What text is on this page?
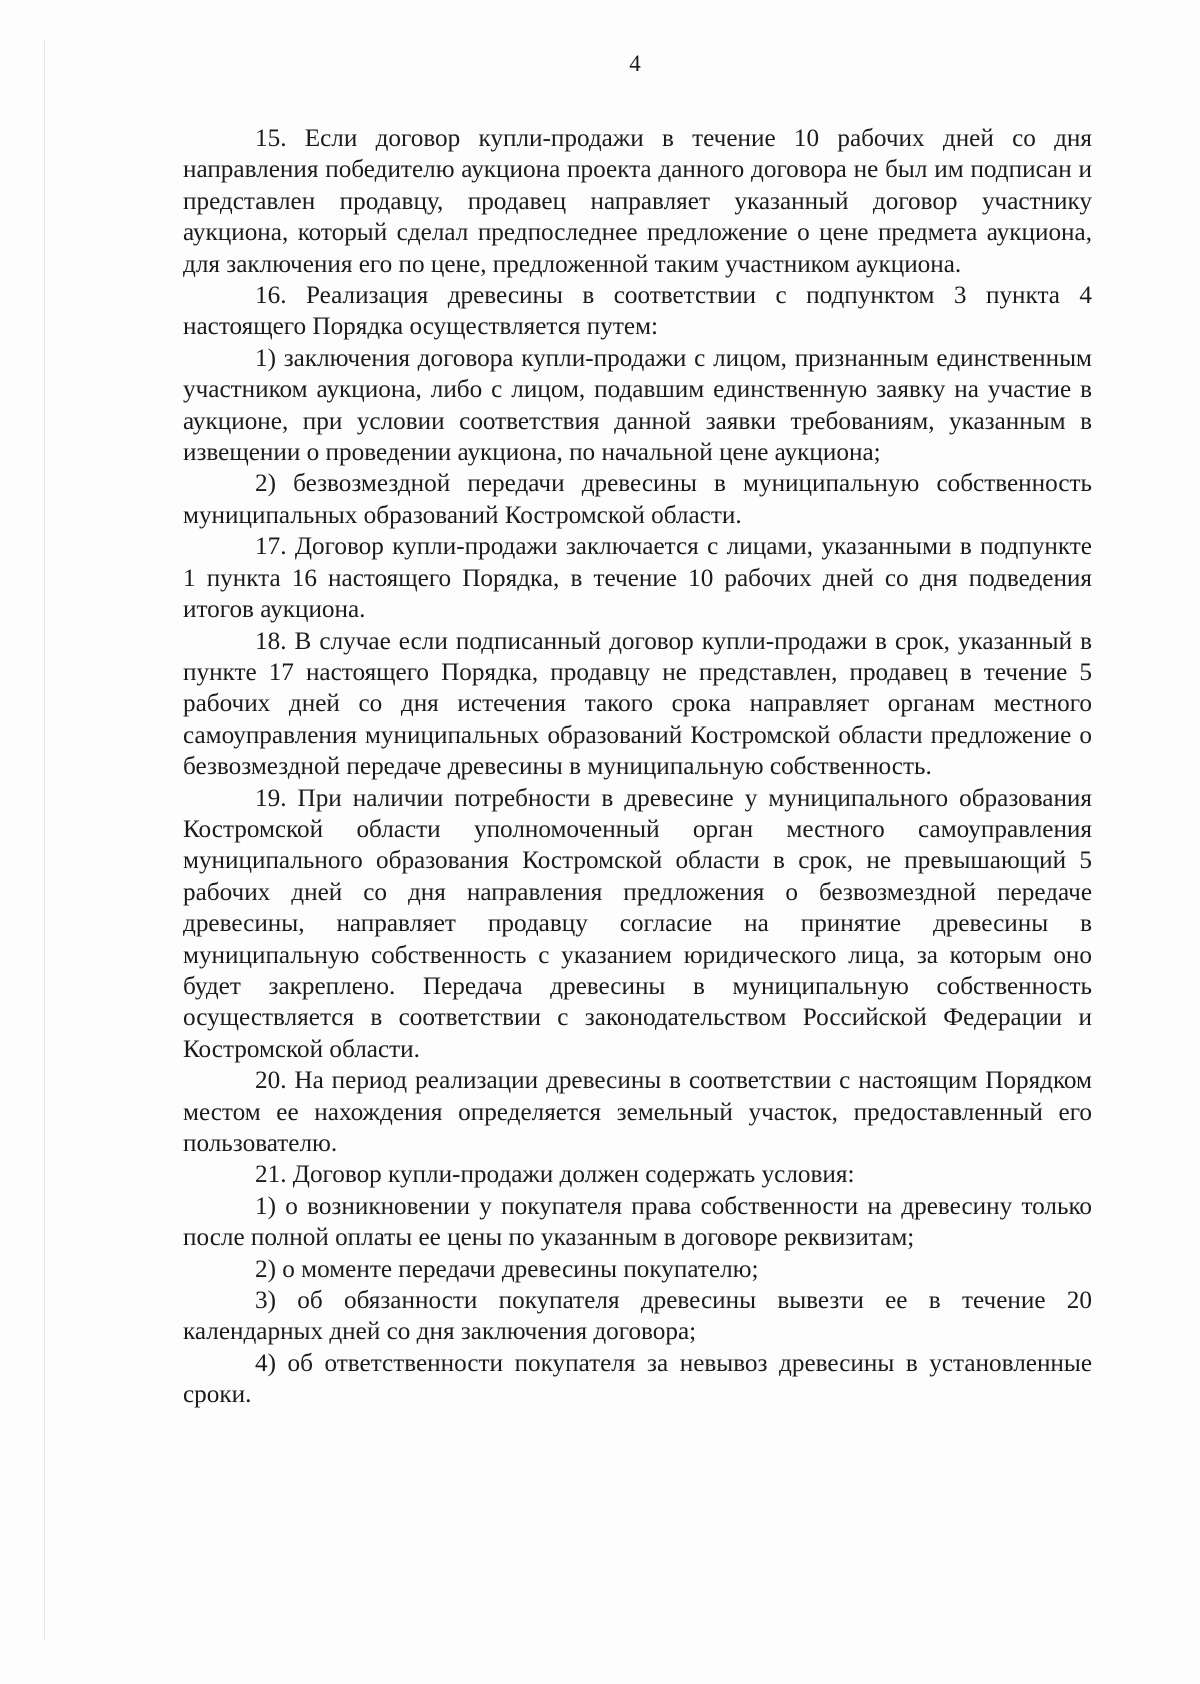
4

15. Если договор купли-продажи в течение 10 рабочих дней со дня направления победителю аукциона проекта данного договора не был им подписан и представлен продавцу, продавец направляет указанный договор участнику аукциона, который сделал предпоследнее предложение о цене предмета аукциона, для заключения его по цене, предложенной таким участником аукциона.

16. Реализация древесины в соответствии с подпунктом 3 пункта 4 настоящего Порядка осуществляется путем:

1) заключения договора купли-продажи с лицом, признанным единственным участником аукциона, либо с лицом, подавшим единственную заявку на участие в аукционе, при условии соответствия данной заявки требованиям, указанным в извещении о проведении аукциона, по начальной цене аукциона;

2) безвозмездной передачи древесины в муниципальную собственность муниципальных образований Костромской области.

17. Договор купли-продажи заключается с лицами, указанными в подпункте 1 пункта 16 настоящего Порядка, в течение 10 рабочих дней со дня подведения итогов аукциона.

18. В случае если подписанный договор купли-продажи в срок, указанный в пункте 17 настоящего Порядка, продавцу не представлен, продавец в течение 5 рабочих дней со дня истечения такого срока направляет органам местного самоуправления муниципальных образований Костромской области предложение о безвозмездной передаче древесины в муниципальную собственность.

19. При наличии потребности в древесине у муниципального образования Костромской области уполномоченный орган местного самоуправления муниципального образования Костромской области в срок, не превышающий 5 рабочих дней со дня направления предложения о безвозмездной передаче древесины, направляет продавцу согласие на принятие древесины в муниципальную собственность с указанием юридического лица, за которым оно будет закреплено. Передача древесины в муниципальную собственность осуществляется в соответствии с законодательством Российской Федерации и Костромской области.

20. На период реализации древесины в соответствии с настоящим Порядком местом ее нахождения определяется земельный участок, предоставленный его пользователю.

21. Договор купли-продажи должен содержать условия:

1) о возникновении у покупателя права собственности на древесину только после полной оплаты ее цены по указанным в договоре реквизитам;

2) о моменте передачи древесины покупателю;

3) об обязанности покупателя древесины вывезти ее в течение 20 календарных дней со дня заключения договора;

4) об ответственности покупателя за невывоз древесины в установленные сроки.
